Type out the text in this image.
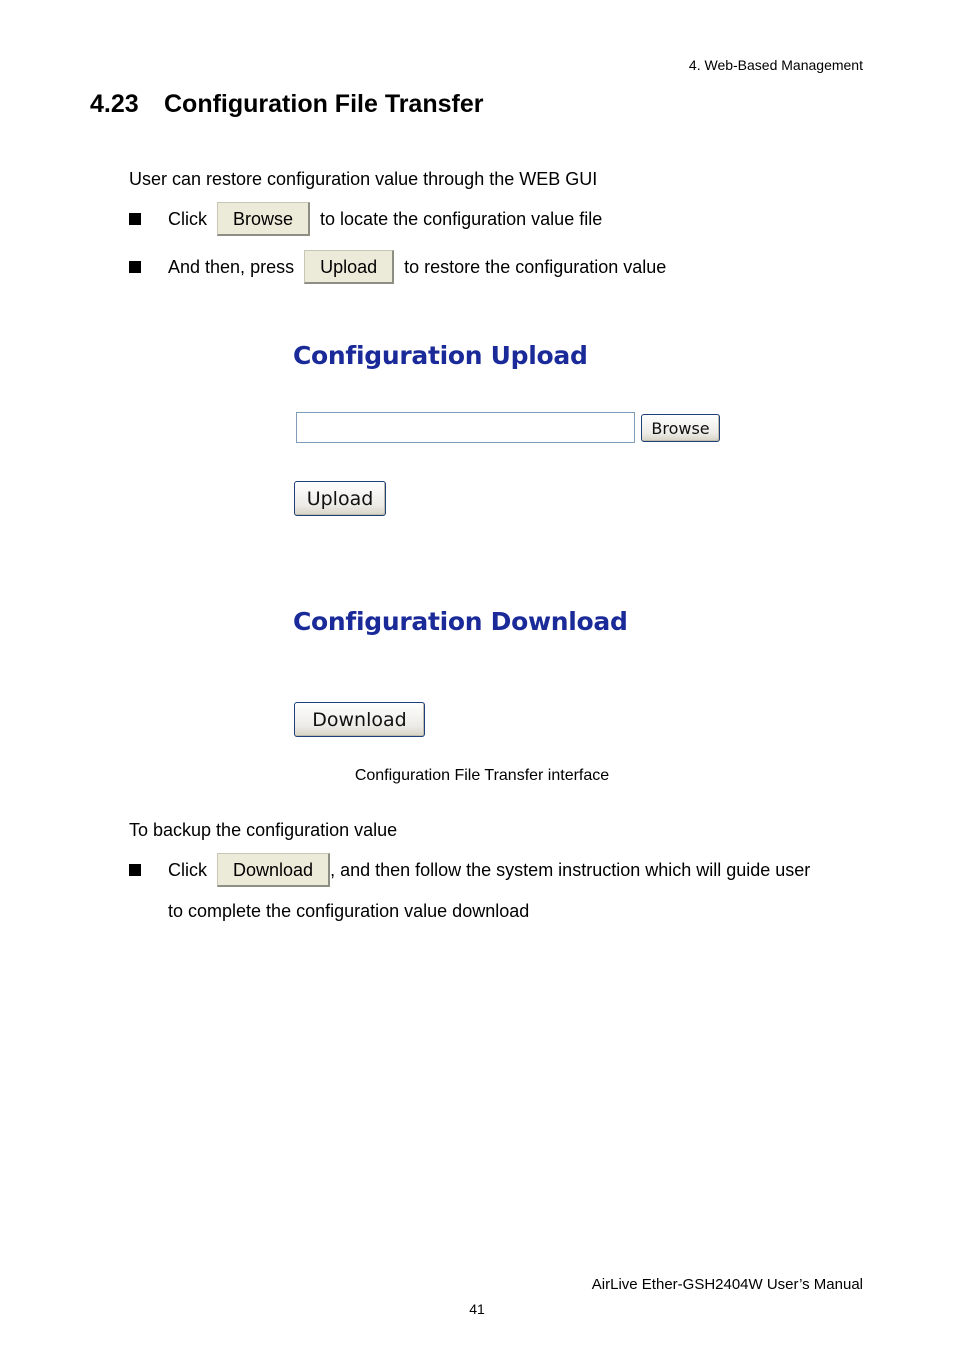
4. Web-Based Management
4.23 Configuration File Transfer
User can restore configuration value through the WEB GUI
Click	Browse	to locate the configuration value file
And then, press	Upload	to restore the configuration value
Configuration Upload
Browse
Upload
Configuration Download
Download
Configuration File Transfer interface
To backup the configuration value
Click	Download , and then follow the system instruction which will guide user
to complete the configuration value download
AirLive Ether-GSH2404W User’s Manual
41
